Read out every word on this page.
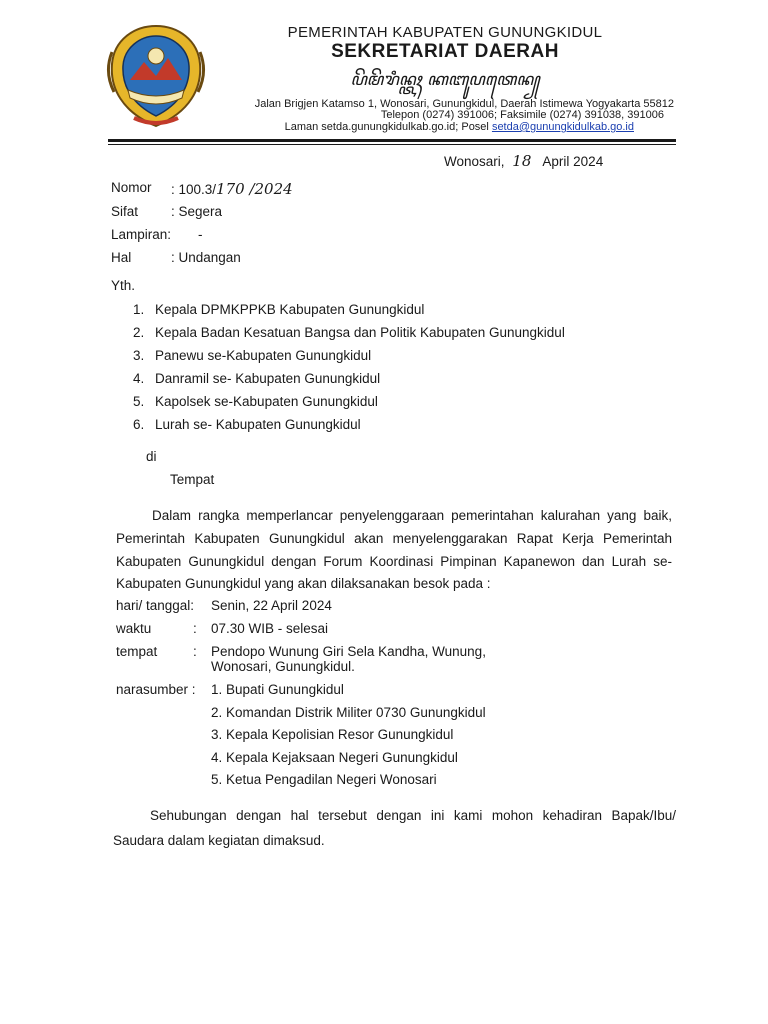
PEMERINTAH KABUPATEN GUNUNGKIDUL
SEKRETARIAT DAERAH
ꦥꦼꦩꦼꦫꦶꦤ꧀ꦠꦃ ꦏꦧꦸꦥꦠꦺꦤ꧀
Jalan Brigjen Katamso 1, Wonosari, Gunungkidul, Daerah Istimewa Yogyakarta 55812
Telepon (0274) 391006; Faksimile (0274) 391038, 391006
Laman setda.gunungkidulkab.go.id; Posel setda@gunungkidulkab.go.id
Wonosari, 18 April 2024
Nomor : 100.3/170 /2024
Sifat : Segera
Lampiran: -
Hal	: Undangan
Yth.
1. Kepala DPMKPPKB Kabupaten Gunungkidul
2. Kepala Badan Kesatuan Bangsa dan Politik Kabupaten Gunungkidul
3. Panewu se-Kabupaten Gunungkidul
4. Danramil se- Kabupaten Gunungkidul
5. Kapolsek se-Kabupaten Gunungkidul
6. Lurah se- Kabupaten Gunungkidul
di
Tempat
Dalam rangka memperlancar penyelenggaraan pemerintahan kalurahan yang baik,
Pemerintah Kabupaten Gunungkidul akan menyelenggarakan Rapat Kerja Pemerintah
Kabupaten Gunungkidul dengan Forum Koordinasi Pimpinan Kapanewon dan Lurah se-
Kabupaten Gunungkidul yang akan dilaksanakan besok pada :
hari/ tanggal: Senin, 22 April 2024
waktu	: 07.30 WIB - selesai
tempat	: Pendopo Wunung Giri Sela Kandha, Wunung,
Wonosari, Gunungkidul.
narasumber : 1. Bupati Gunungkidul
2. Komandan Distrik Militer 0730 Gunungkidul
3. Kepala Kepolisian Resor Gunungkidul
4. Kepala Kejaksaan Negeri Gunungkidul
5. Ketua Pengadilan Negeri Wonosari
Sehubungan dengan hal tersebut dengan ini kami mohon kehadiran Bapak/Ibu/
Saudara dalam kegiatan dimaksud.
